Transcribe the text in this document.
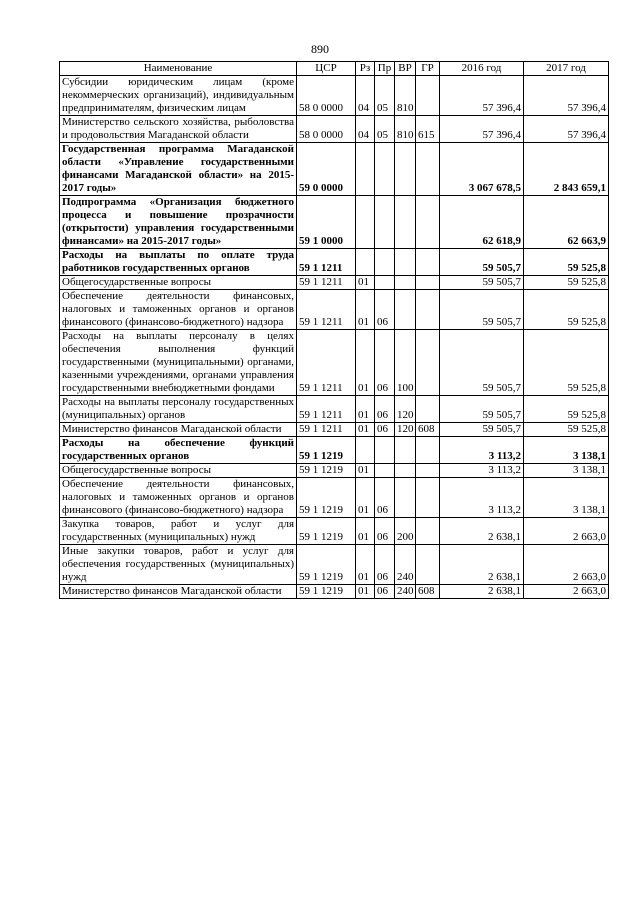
890
Наименование	ЦСР	Рз	Пр	ВР	ГР	2016 год	2017 год

Субсидии юридическим лицам (кроме некоммерческих организаций), индивидуальным предпринимателям, физическим лицам	58 0 0000	04	05	810		57 396,4	57 396,4

Министерство сельского хозяйства, рыболовства и продовольствия Магаданской области	58 0 0000	04	05	810	615	57 396,4	57 396,4

Государственная программа Магаданской области «Управление государственными финансами Магаданской области» на 2015-2017 годы»	59 0 0000					3 067 678,5	2 843 659,1

Подпрограмма «Организация бюджетного процесса и повышение прозрачности (открытости) управления государственными финансами» на 2015-2017 годы»	59 1 0000					62 618,9	62 663,9

Расходы на выплаты по оплате труда работников государственных органов	59 1 1211					59 505,7	59 525,8

Общегосударственные вопросы	59 1 1211	01				59 505,7	59 525,8

Обеспечение деятельности финансовых, налоговых и таможенных органов и органов финансового (финансово-бюджетного) надзора	59 1 1211	01	06			59 505,7	59 525,8

Расходы на выплаты персоналу в целях обеспечения выполнения функций государственными (муниципальными) органами, казенными учреждениями, органами управления государственными внебюджетными фондами	59 1 1211	01	06	100		59 505,7	59 525,8

Расходы на выплаты персоналу государственных (муниципальных) органов	59 1 1211	01	06	120		59 505,7	59 525,8

Министерство финансов Магаданской области	59 1 1211	01	06	120	608	59 505,7	59 525,8

Расходы на обеспечение функций государственных органов	59 1 1219					3 113,2	3 138,1

Общегосударственные вопросы	59 1 1219	01				3 113,2	3 138,1

Обеспечение деятельности финансовых, налоговых и таможенных органов и органов финансового (финансово-бюджетного) надзора	59 1 1219	01	06			3 113,2	3 138,1

Закупка товаров, работ и услуг для государственных (муниципальных) нужд	59 1 1219	01	06	200		2 638,1	2 663,0

Иные закупки товаров, работ и услуг для обеспечения государственных (муниципальных) нужд	59 1 1219	01	06	240		2 638,1	2 663,0

Министерство финансов Магаданской области	59 1 1219	01	06	240	608	2 638,1	2 663,0
